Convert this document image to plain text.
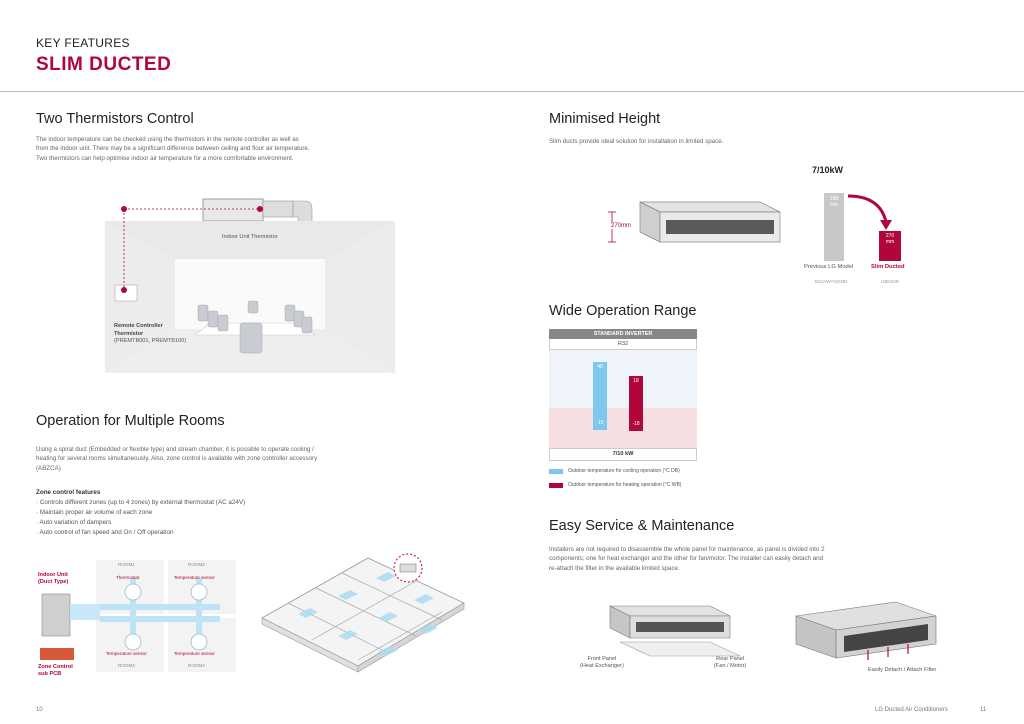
KEY FEATURES
SLIM DUCTED
Two Thermistors Control
The indoor temperature can be checked using the thermistors in the remote controller as well as from the indoor unit. There may be a significant difference between ceiling and floor air temperature. Two thermistors can help optimise indoor air temperature for a more comfortable environment.
Indoor Unit Thermistor
Remote Controller Thermistor
(PREMTB001, PREMTB100)
Operation for Multiple Rooms
Using a spiral duct (Embedded or flexible type) and stream chamber, it is possible to operate cooling / heating for several rooms simultaneously. Also, zone control is available with zone controller accessory (ABZCA)
Zone control features
· Controls different zones (up to 4 zones) by external thermostat (AC a24V)
· Maintain proper air volume of each zone
· Auto variation of dampers
· Auto control of fan speed and On / Off operation
Indoor Unit
(Duct Type)
Zone Control
sub PCB
ROOM1
Thermostat
ROOM2
Temperature sensor
Temperature sensor
ROOM3
Temperature sensor
ROOM4
Minimised Height
Slim ducts provide ideal solution for installation in limited space.
270mm
7/10kW
298
mm
270
mm
Previous LG Model	Slim Ducted
B24AWYNGMD	UBN24R
Wide Operation Range
STANDARD INVERTER
R32
48
-15
18
-18
7/10 kW
Outdoor temperature for cooling operation (°C DB)
Outdoor temperature for heating operation (°C WB)
Easy Service & Maintenance
Installers are not required to disassemble the whole panel for maintenance, as panel is divided into 2 components; one for heat exchanger and the other for fan/motor. The installer can easily detach and re-attach the filter in the available limited space.
Front Panel
(Heat Exchanger)
Rear Panel
(Fan / Motor)
Easily Detach / Attach Filter
10	LG Ducted Air Conditioners	11
